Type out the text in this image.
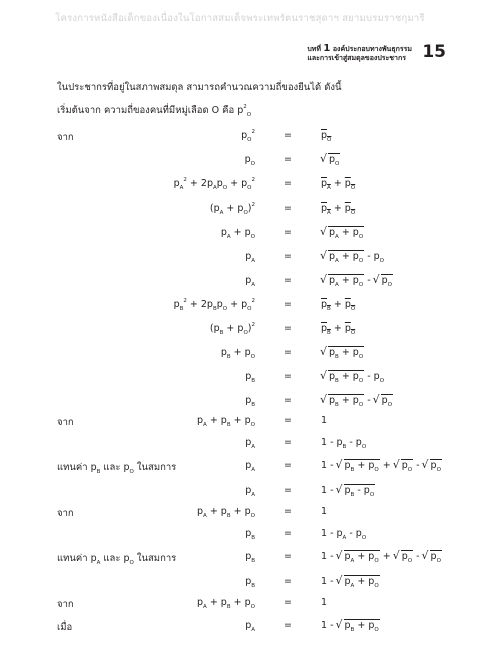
โครงการหนังสือเด็กของเนื่องในโอกาสสมเด็จพระเทพรัตนราชสุดาฯ สยามบรมราชกุมารี
บทที่ 1 องค์ประกอบทางพันธุกรรม
และการเข้าสู่สมดุลของประชากร 15
ในประชากรที่อยู่ในสภาพสมดุล สามารถคำนวณความถี่ของยีนได้ ดังนี้
เริ่มต้นจาก ความถี่ของคนที่มีหมู่เลือด O คือ $p^2_O$
จาก	$p_O^2$	=	$p_O$
$p_O$	=	√ $p_O$
$p_A^2 + 2p_Ap_O + p_O^2$	=	$p_A + p_O$
$(p_A + p_O)^2$	=	$p_A + p_O$
$p_A + p_O$	=	√ $p_A + p_O$
$p_A$	=	√ $p_A + p_O - p_O$
$p_A$	=	√ $p_A + p_O$ - √ $p_O$
$p_B^2 + 2p_Bp_O + p_O^2$	=	$p_B + p_O$
$(p_B + p_O)^2$	=	$p_B + p_O$
$p_B + p_O$	=	√ $p_B + p_O$
$p_B$	=	√ $p_B + p_O - p_O$
$p_B$	=	√ $p_B + p_O$ - √ $p_O$
จาก	$p_A + p_B + p_O$	=	1
$p_A$	=	$1 - p_B - p_O$
แทนค่า $p_B$ และ $p_O$ ในสมการ	$p_A$	=	1 - √ $p_B + p_O$ + √ $p_O$ - √ $p_O$
$p_A$	=	1 - √ $p_B - p_O$
จาก	$p_A + p_B + p_O$	=	1
$p_B$	=	$1 - p_A - p_O$
แทนค่า $p_A$ และ $p_O$ ในสมการ	$p_B$	=	1 - √ $p_A + p_O$ + √ $p_O$ - √ $p_O$
$p_B$	=	1 - √ $p_A + p_O$
จาก	$p_A + p_B + p_O$	=	1
เมื่อ	$p_A$	=	1 - √ $p_B + p_O$
